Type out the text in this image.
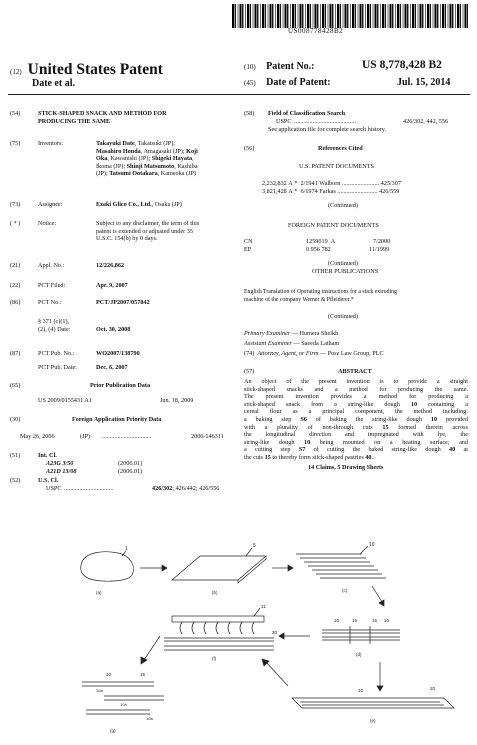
US008778428B2
(12) United States Patent
Date et al.
(10) Patent No.:	US 8,778,428 B2
(45) Date of Patent:	Jul. 15, 2014
(54)	STICK-SHAPED SNACK AND METHOD FOR
PRODUCING THE SAME
(75)	Inventors:	Takayuki Date, Takatsuki (JP);
Masahiro Honda, Amagasaki (JP); Koji
Oka, Kawanishi (JP); Shigeki Hayata,
Ikoma (JP); Shinji Matsumoto, Kashiba
(JP); Tatsumi Ootakara, Kameoka (JP)
(73)	Assignee:	Ezaki Glico Co., Ltd., Osaka (JP)
( * )	Notice:	Subject to any disclaimer, the term of this
patent is extended or adjusted under 35
U.S.C. 154(b) by 0 days.
(21)	Appl. No.:	12/226,862
(22)	PCT Filed:	Apr. 9, 2007
(86)	PCT No.:	PCT/JP2007/057842
§ 371 (c)(1),
(2), (4) Date:	Oct. 30, 2008
(87)	PCT Pub. No.:	WO2007/138790
PCT Pub. Date:	Dec. 6, 2007
(65)	Prior Publication Data
US 2009/0155431 A1	Jun. 18, 2009
(30)	Foreign Application Priority Data
May 26, 2006	(JP) ................................	2006-146311
(51)	Int. Cl.
A23G 3/50	(2006.01)
A21D 13/08	(2006.01)
(52)	U.S. Cl.
USPC ................................	426/302; 426/442; 426/556
(58) Field of Classification Search
USPC ........................................	426/302, 442, 556
See application file for complete search history.
(56)	References Cited
U.S. PATENT DOCUMENTS
2,232,832 A * 2/1941 Walborn ........................ 425/307
3,821,428 A * 6/1974 Farkas .......................... 426/559
(Continued)
FOREIGN PATENT DOCUMENTS
CN	1259019 A	7/2000
EP	0 956 782	11/1999
(Continued)
OTHER PUBLICATIONS
English Translation of Operating instructions for a stick extruding
machine of the company Werner & Pfleiderer.*
(Continued)
Primary Examiner — Humera Sheikh
Assistant Examiner — Saeeda Latham
(74) Attorney, Agent, or Firm — Posz Law Group, PLC
(57)	ABSTRACT
An object of the present invention is to provide a straight
stick-shaped snacks and a method for producing the same.
The present invention provides a method for producing a
stick-shaped snack from a string-like dough 10 containing a
cereal flour as a principal component, the method including:
a baking step S6 of baking the string-like dough 10 provided
with a plurality of non-through cuts 15 formed therein across
the longitudinal direction and impregnated with lye, the
string-like dough 10 being mounted on a heating surface; and
a cutting step S7 of cutting the baked string-like dough 40 at
the cuts 15 to thereby form stick-shaped pastries 40.
14 Claims, 5 Drawing Sheets
1
(a)
5
(b)
10
(c)
10	15	15 10
(d)
31
30
(f)
10	20
(e)
10	15
10a
10a
10a
(g)
